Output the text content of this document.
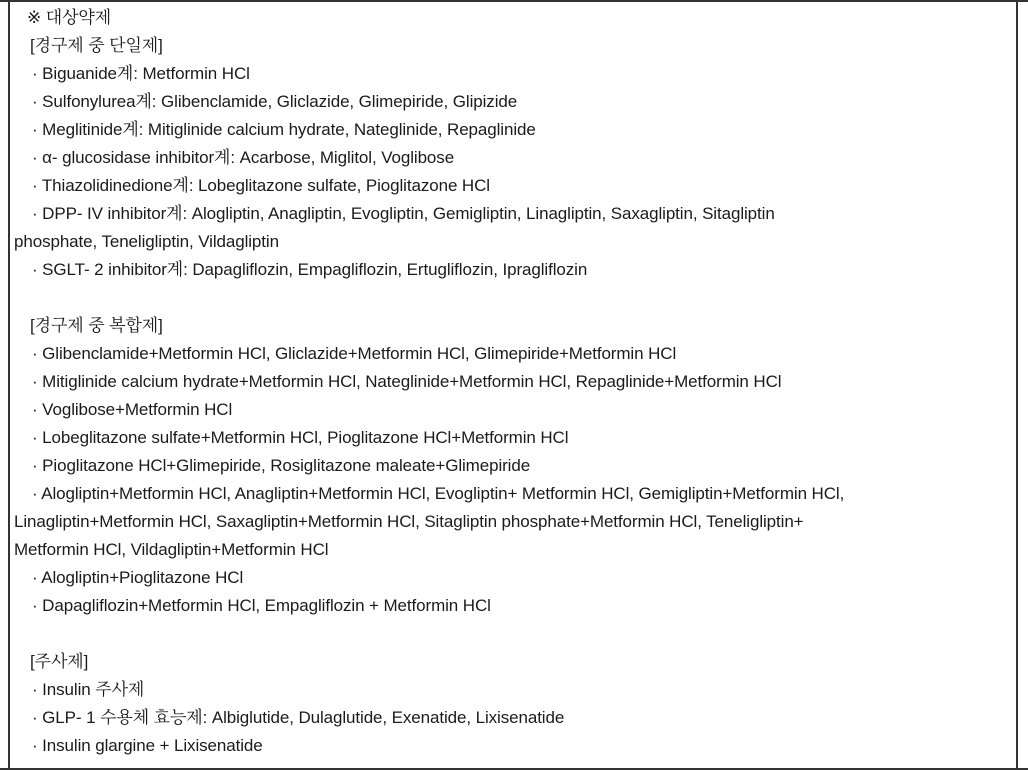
※ 대상약제
[경구제 중 단일제]
· Biguanide계: Metformin HCl
· Sulfonylurea계: Glibenclamide, Gliclazide, Glimepiride, Glipizide
· Meglitinide계: Mitiglinide calcium hydrate, Nateglinide, Repaglinide
· α- glucosidase inhibitor계: Acarbose, Miglitol, Voglibose
· Thiazolidinedione계: Lobeglitazone sulfate, Pioglitazone HCl
· DPP- IV inhibitor계: Alogliptin, Anagliptin, Evogliptin, Gemigliptin, Linagliptin, Saxagliptin, Sitagliptin
phosphate, Teneligliptin, Vildagliptin
· SGLT- 2 inhibitor계: Dapagliflozin, Empagliflozin, Ertugliflozin, Ipragliflozin
[경구제 중 복합제]
· Glibenclamide+Metformin HCl, Gliclazide+Metformin HCl, Glimepiride+Metformin HCl
· Mitiglinide calcium hydrate+Metformin HCl, Nateglinide+Metformin HCl, Repaglinide+Metformin HCl
· Voglibose+Metformin HCl
· Lobeglitazone sulfate+Metformin HCl, Pioglitazone HCl+Metformin HCl
· Pioglitazone HCl+Glimepiride, Rosiglitazone maleate+Glimepiride
· Alogliptin+Metformin HCl, Anagliptin+Metformin HCl, Evogliptin+ Metformin HCl, Gemigliptin+Metformin HCl,
Linagliptin+Metformin HCl, Saxagliptin+Metformin HCl, Sitagliptin phosphate+Metformin HCl, Teneligliptin+
Metformin HCl, Vildagliptin+Metformin HCl
· Alogliptin+Pioglitazone HCl
· Dapagliflozin+Metformin HCl, Empagliflozin + Metformin HCl
[주사제]
· Insulin 주사제
· GLP- 1 수용체 효능제: Albiglutide, Dulaglutide, Exenatide, Lixisenatide
· Insulin glargine + Lixisenatide
